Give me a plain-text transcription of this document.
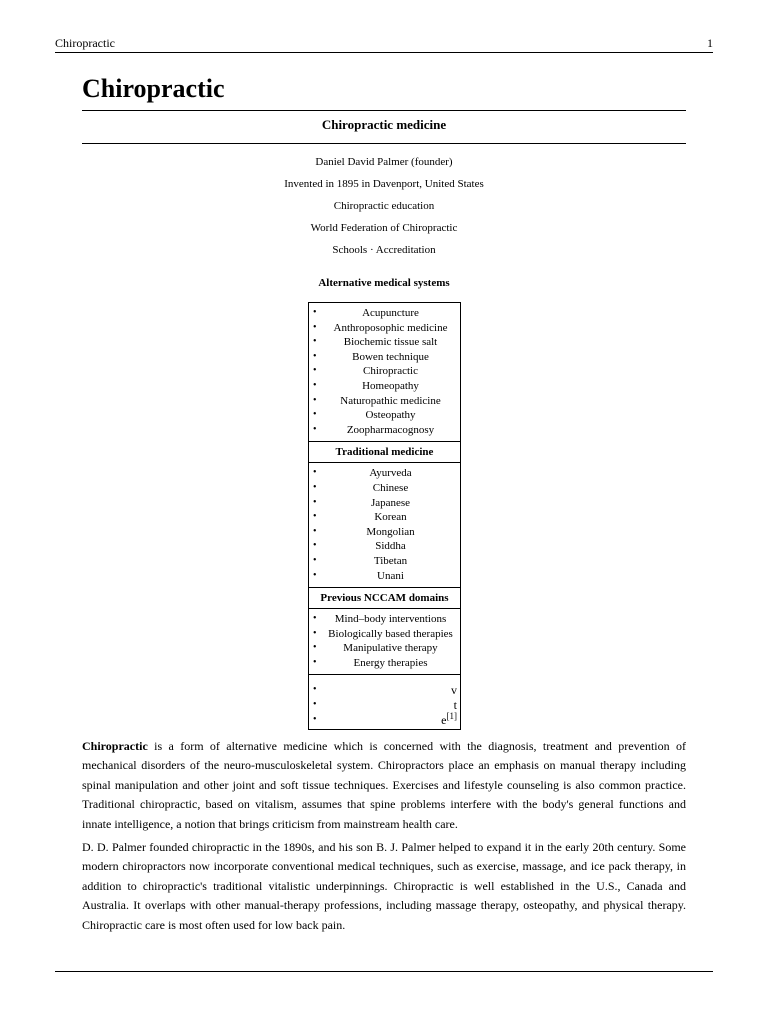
Chiropractic	1
Chiropractic
Chiropractic medicine
Daniel David Palmer (founder)
Invented in 1895 in Davenport, United States
Chiropractic education
World Federation of Chiropractic
Schools · Accreditation
Alternative medical systems
• Acupuncture
• Anthroposophic medicine
• Biochemic tissue salt
• Bowen technique
• Chiropractic
• Homeopathy
• Naturopathic medicine
• Osteopathy
• Zoopharmacognosy
Traditional medicine
• Ayurveda
• Chinese
• Japanese
• Korean
• Mongolian
• Siddha
• Tibetan
• Unani
Previous NCCAM domains
• Mind–body interventions
• Biologically based therapies
• Manipulative therapy
• Energy therapies
• v
• t
• e[1]

Chiropractic is a form of alternative medicine which is concerned with the diagnosis, treatment and prevention of mechanical disorders of the neuro-musculoskeletal system. Chiropractors place an emphasis on manual therapy including spinal manipulation and other joint and soft tissue techniques. Exercises and lifestyle counseling is also common practice. Traditional chiropractic, based on vitalism, assumes that spine problems interfere with the body's general functions and innate intelligence, a notion that brings criticism from mainstream health care.

D. D. Palmer founded chiropractic in the 1890s, and his son B. J. Palmer helped to expand it in the early 20th century. Some modern chiropractors now incorporate conventional medical techniques, such as exercise, massage, and ice pack therapy, in addition to chiropractic's traditional vitalistic underpinnings. Chiropractic is well established in the U.S., Canada and Australia. It overlaps with other manual-therapy professions, including massage therapy, osteopathy, and physical therapy. Chiropractic care is most often used for low back pain.
